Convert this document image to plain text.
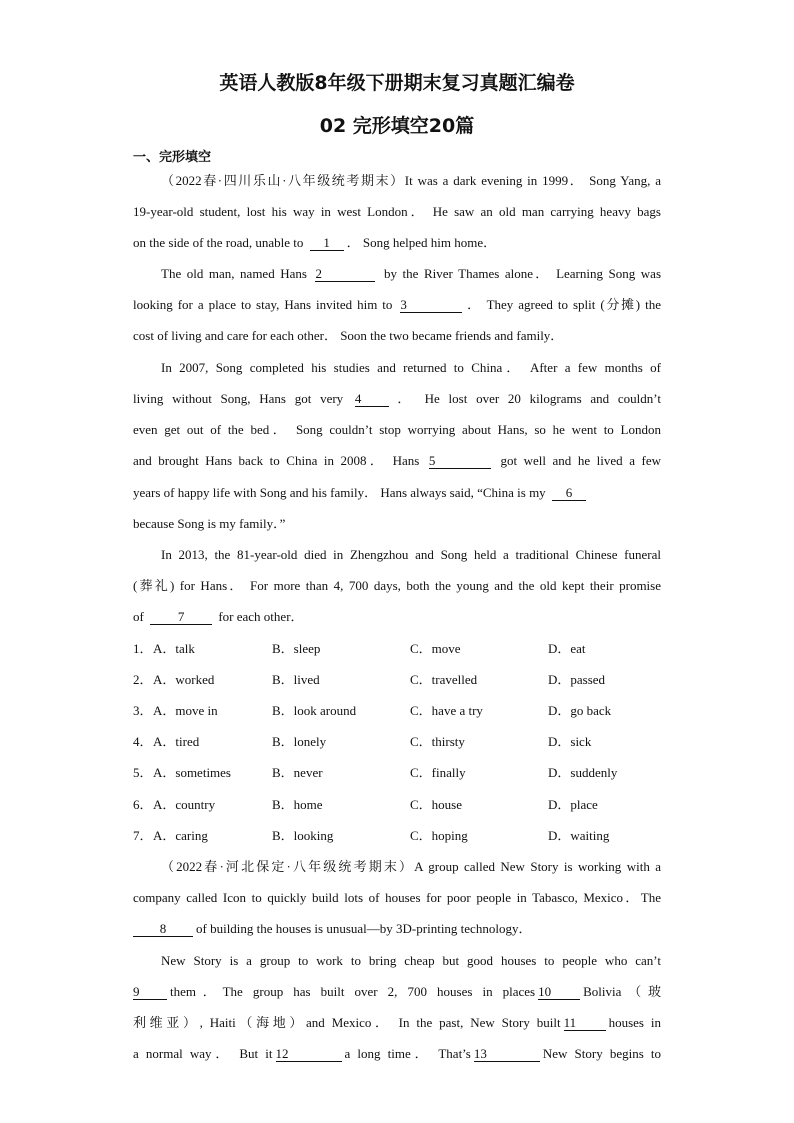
英语人教版8年级下册期末复习真题汇编卷
02 完形填空20篇
一、完形填空
（2022春·四川乐山·八年级统考期末）It was a dark evening in 1999． Song Yang, a
19-year-old student, lost his way in west London． He saw an old man carrying heavy bags
on the side of the road, unable to 1 ． Song helped him home．
The old man, named Hans 2	by the River Thames alone． Learning Song was
looking for a place to stay, Hans invited him to 3	． They agreed to split (分摊) the
cost of living and care for each other． Soon the two became friends and family．
In 2007, Song completed his studies and returned to China． After a few months of
living without Song, Hans got very 4 ． He lost over 20 kilograms and couldn’t
even get out of the bed． Song couldn’t stop worrying about Hans, so he went to London
and brought Hans back to China in 2008． Hans 5	got well and he lived a few
years of happy life with Song and his family． Hans always said, “China is my 6
because Song is my family．”
In 2013, the 81-year-old died in Zhengzhou and Song held a traditional Chinese funeral
(葬礼) for Hans． For more than 4, 700 days, both the young and the old kept their promise
of 7 for each other．
1． A．talk	B．sleep	C．move	D．eat
2． A．worked	B．lived	C．travelled	D．passed
3． A．move in	B．look around	C．have a try	D．go back
4． A．tired	B．lonely	C．thirsty	D．sick
5． A．sometimes	B．never	C．finally	D．suddenly
6． A．country	B．home	C．house	D．place
7． A．caring	B．looking	C．hoping	D．waiting
（2022春·河北保定·八年级统考期末）A group called New Story is working with a
company called Icon to quickly build lots of houses for poor people in Tabasco, Mexico．The
8 of building the houses is unusual—by 3D-printing technology．
New Story is a group to work to bring cheap but good houses to people who can’t
9 them．The group has built over 2, 700 houses in places 10 Bolivia（玻
利维亚）, Haiti（海地）and Mexico． In the past, New Story built 11 houses in
a normal way． But it 12	a long time． That’s 13	New Story begins to
